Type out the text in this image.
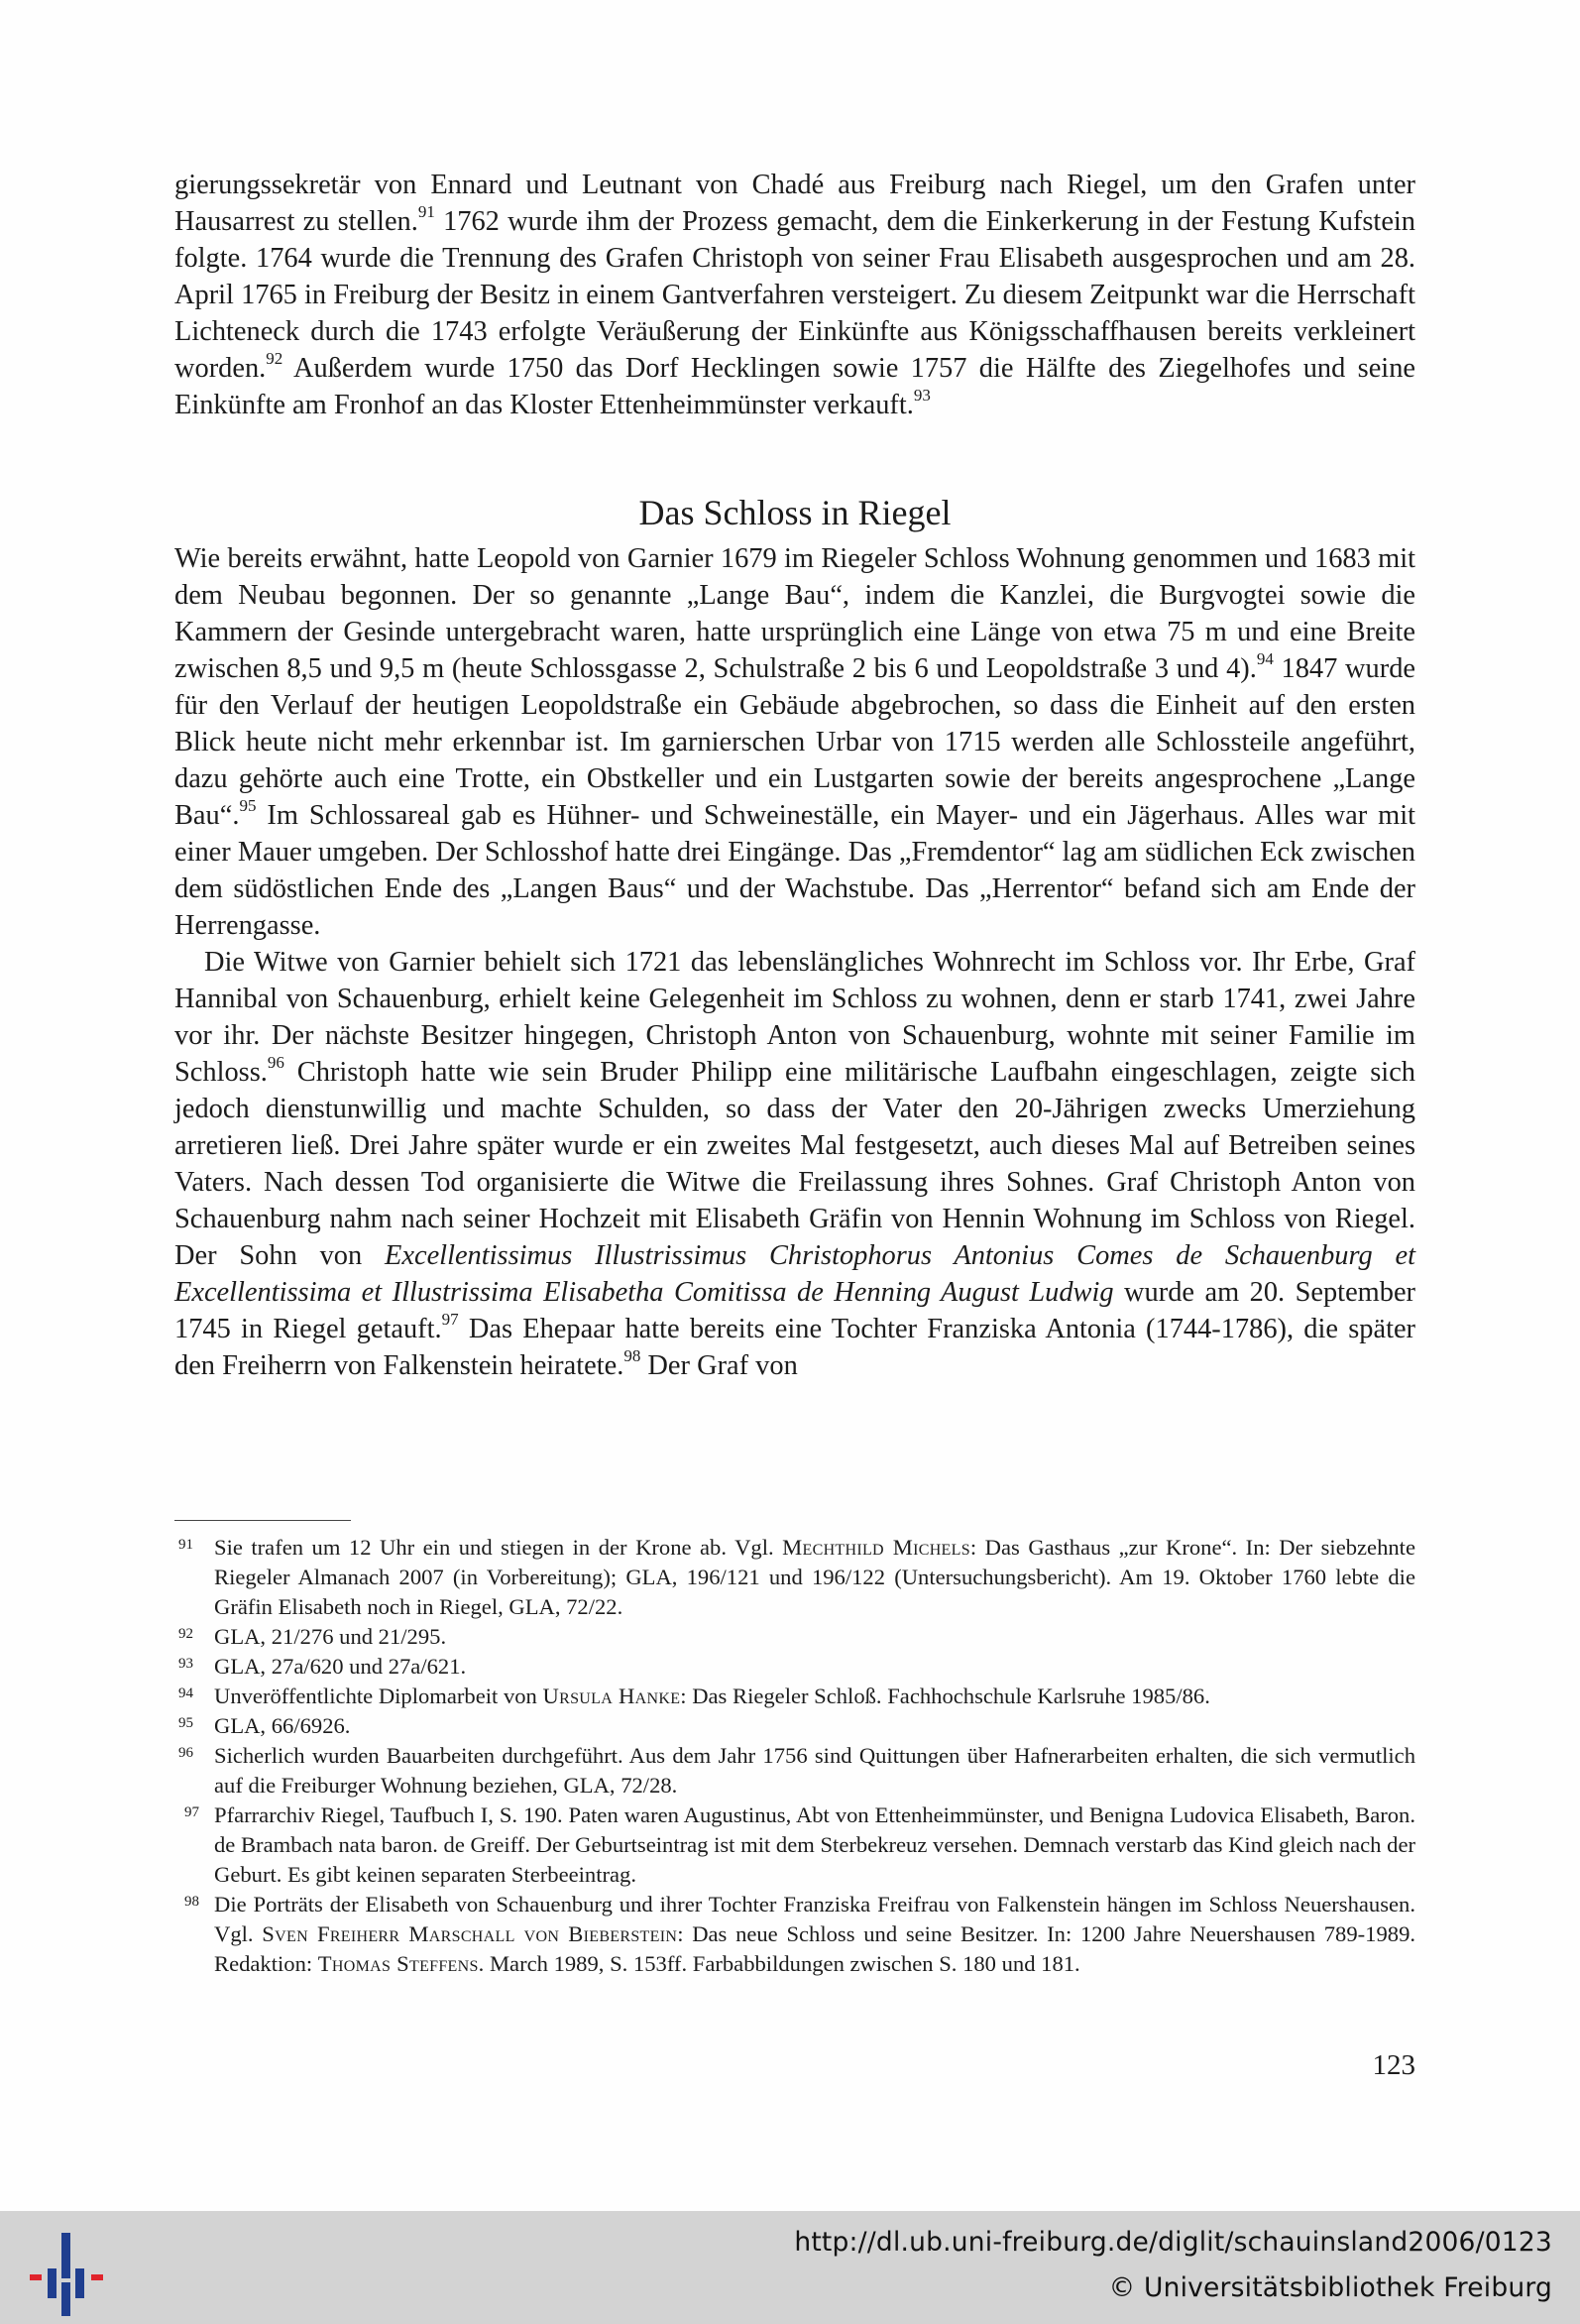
gierungssekretär von Ennard und Leutnant von Chadé aus Freiburg nach Riegel, um den Grafen unter Hausarrest zu stellen.$^{91}$ 1762 wurde ihm der Prozess gemacht, dem die Einkerkerung in der Festung Kufstein folgte. 1764 wurde die Trennung des Grafen Christoph von seiner Frau Elisabeth ausgesprochen und am 28. April 1765 in Freiburg der Besitz in einem Gantverfahren versteigert. Zu diesem Zeitpunkt war die Herrschaft Lichteneck durch die 1743 erfolgte Veräußerung der Einkünfte aus Königsschaffhausen bereits verkleinert worden.$^{92}$ Außerdem wurde 1750 das Dorf Hecklingen sowie 1757 die Hälfte des Ziegelhofes und seine Einkünfte am Fronhof an das Kloster Ettenheimmünster verkauft.$^{93}$

Das Schloss in Riegel

Wie bereits erwähnt, hatte Leopold von Garnier 1679 im Riegeler Schloss Wohnung genommen und 1683 mit dem Neubau begonnen. Der so genannte „Lange Bau“, indem die Kanzlei, die Burgvogtei sowie die Kammern der Gesinde untergebracht waren, hatte ursprünglich eine Länge von etwa 75 m und eine Breite zwischen 8,5 und 9,5 m (heute Schlossgasse 2, Schulstraße 2 bis 6 und Leopoldstraße 3 und 4).$^{94}$ 1847 wurde für den Verlauf der heutigen Leopoldstraße ein Gebäude abgebrochen, so dass die Einheit auf den ersten Blick heute nicht mehr erkennbar ist. Im garnierschen Urbar von 1715 werden alle Schlossteile angeführt, dazu gehörte auch eine Trotte, ein Obstkeller und ein Lustgarten sowie der bereits angesprochene „Lange Bau“.$^{95}$ Im Schlossareal gab es Hühner- und Schweineställe, ein Mayer- und ein Jägerhaus. Alles war mit einer Mauer umgeben. Der Schlosshof hatte drei Eingänge. Das „Fremdentor“ lag am südlichen Eck zwischen dem südöstlichen Ende des „Langen Baus“ und der Wachstube. Das „Herrentor“ befand sich am Ende der Herrengasse.

Die Witwe von Garnier behielt sich 1721 das lebenslängliches Wohnrecht im Schloss vor. Ihr Erbe, Graf Hannibal von Schauenburg, erhielt keine Gelegenheit im Schloss zu wohnen, denn er starb 1741, zwei Jahre vor ihr. Der nächste Besitzer hingegen, Christoph Anton von Schauenburg, wohnte mit seiner Familie im Schloss.$^{96}$ Christoph hatte wie sein Bruder Philipp eine militärische Laufbahn eingeschlagen, zeigte sich jedoch dienstunwillig und machte Schulden, so dass der Vater den 20-Jährigen zwecks Umerziehung arretieren ließ. Drei Jahre später wurde er ein zweites Mal festgesetzt, auch dieses Mal auf Betreiben seines Vaters. Nach dessen Tod organisierte die Witwe die Freilassung ihres Sohnes. Graf Christoph Anton von Schauenburg nahm nach seiner Hochzeit mit Elisabeth Gräfin von Hennin Wohnung im Schloss von Riegel. Der Sohn von Excellentissimus Illustrissimus Christophorus Antonius Comes de Schauenburg et Excellentissima et Illustrissima Elisabetha Comitissa de Henning August Ludwig wurde am 20. September 1745 in Riegel getauft.$^{97}$ Das Ehepaar hatte bereits eine Tochter Franziska Antonia (1744-1786), die später den Freiherrn von Falkenstein heiratete.$^{98}$ Der Graf von

91 Sie trafen um 12 Uhr ein und stiegen in der Krone ab. Vgl. Mechthild Michels: Das Gasthaus „zur Krone“. In: Der siebzehnte Riegeler Almanach 2007 (in Vorbereitung); GLA, 196/121 und 196/122 (Untersuchungsbericht). Am 19. Oktober 1760 lebte die Gräfin Elisabeth noch in Riegel, GLA, 72/22.

92 GLA, 21/276 und 21/295.

93 GLA, 27a/620 und 27a/621.

94 Unveröffentlichte Diplomarbeit von Ursula Hanke: Das Riegeler Schloß. Fachhochschule Karlsruhe 1985/86.

95 GLA, 66/6926.

96 Sicherlich wurden Bauarbeiten durchgeführt. Aus dem Jahr 1756 sind Quittungen über Hafnerarbeiten erhalten, die sich vermutlich auf die Freiburger Wohnung beziehen, GLA, 72/28.

97 Pfarrarchiv Riegel, Taufbuch I, S. 190. Paten waren Augustinus, Abt von Ettenheimmünster, und Benigna Ludovica Elisabeth, Baron. de Brambach nata baron. de Greiff. Der Geburtseintrag ist mit dem Sterbekreuz versehen. Demnach verstarb das Kind gleich nach der Geburt. Es gibt keinen separaten Sterbeeintrag.

98 Die Porträts der Elisabeth von Schauenburg und ihrer Tochter Franziska Freifrau von Falkenstein hängen im Schloss Neuershausen. Vgl. Sven Freiherr Marschall von Bieberstein: Das neue Schloss und seine Besitzer. In: 1200 Jahre Neuershausen 789-1989. Redaktion: Thomas Steffens. March 1989, S. 153ff. Farbabbildungen zwischen S. 180 und 181.

123

http://dl.ub.uni-freiburg.de/diglit/schauinsland2006/0123
© Universitätsbibliothek Freiburg
